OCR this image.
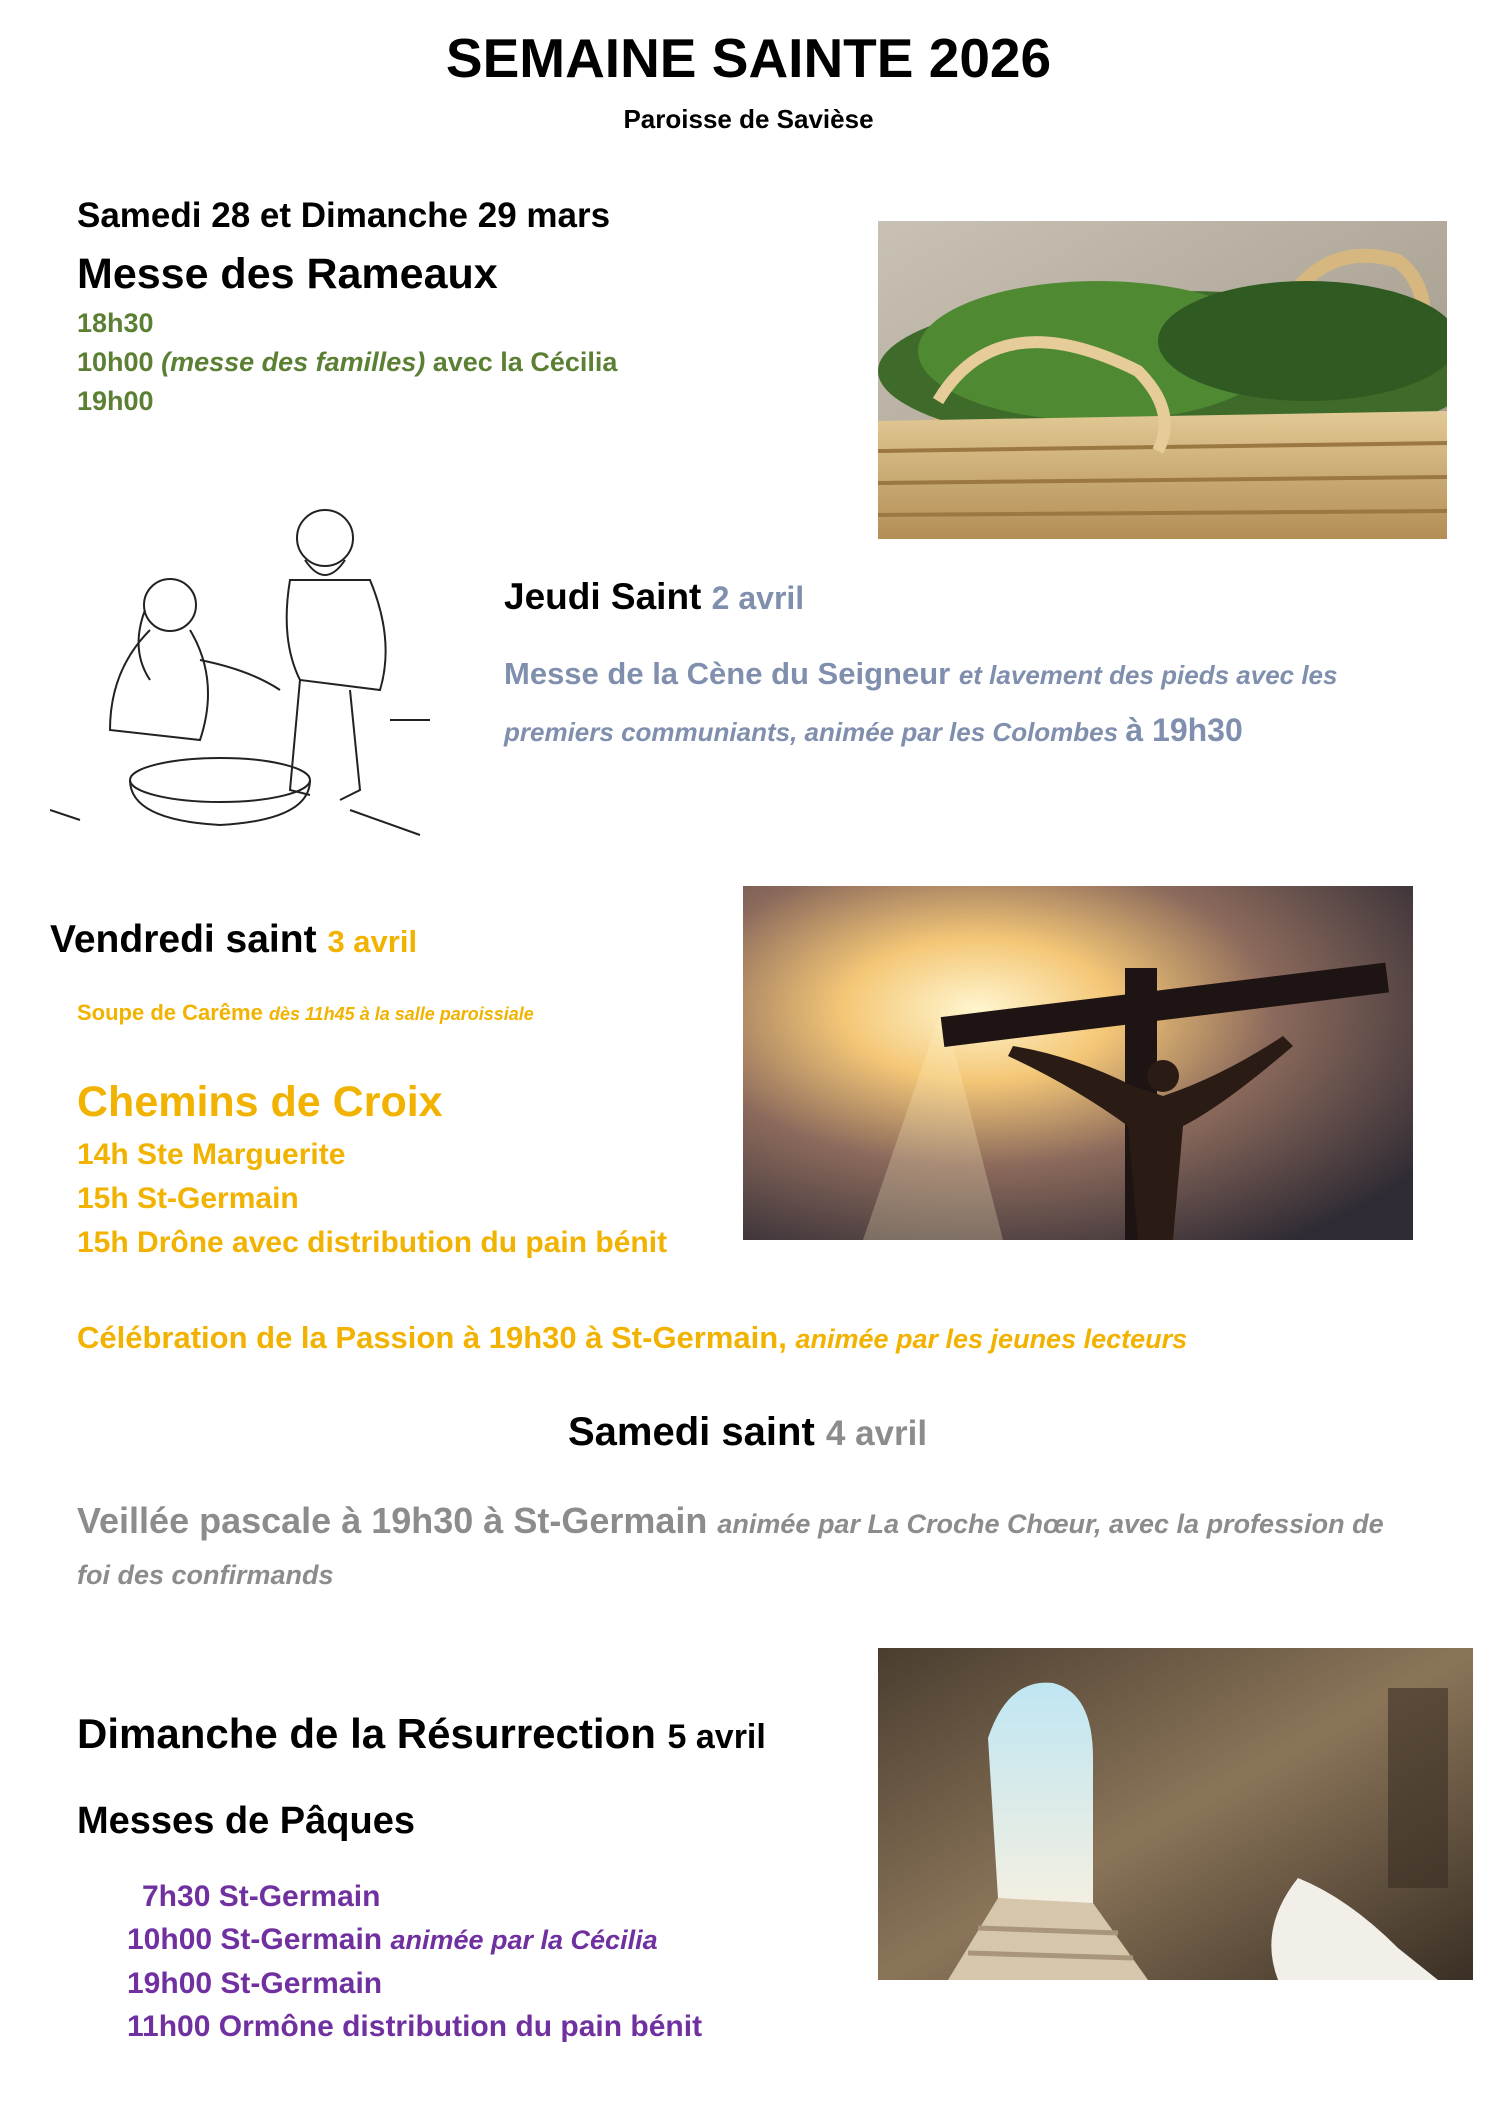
SEMAINE SAINTE 2026
Paroisse de Savièse
Samedi 28 et Dimanche 29 mars
Messe des Rameaux
18h30
10h00 (messe des familles) avec la Cécilia
19h00
Jeudi Saint 2 avril
Messe de la Cène du Seigneur et lavement des pieds avec les
premiers communiants, animée par les Colombes à 19h30
Vendredi saint 3 avril
Soupe de Carême dès 11h45 à la salle paroissiale
Chemins de Croix
14h Ste Marguerite
15h St-Germain
15h Drône avec distribution du pain bénit
Célébration de la Passion à 19h30 à St-Germain, animée par les jeunes lecteurs
Samedi saint 4 avril
Veillée pascale à 19h30 à St-Germain animée par La Croche Chœur, avec la profession de
foi des confirmands
Dimanche de la Résurrection 5 avril
Messes de Pâques
7h30 St-Germain
10h00 St-Germain animée par la Cécilia
19h00 St-Germain
11h00 Ormône distribution du pain bénit
